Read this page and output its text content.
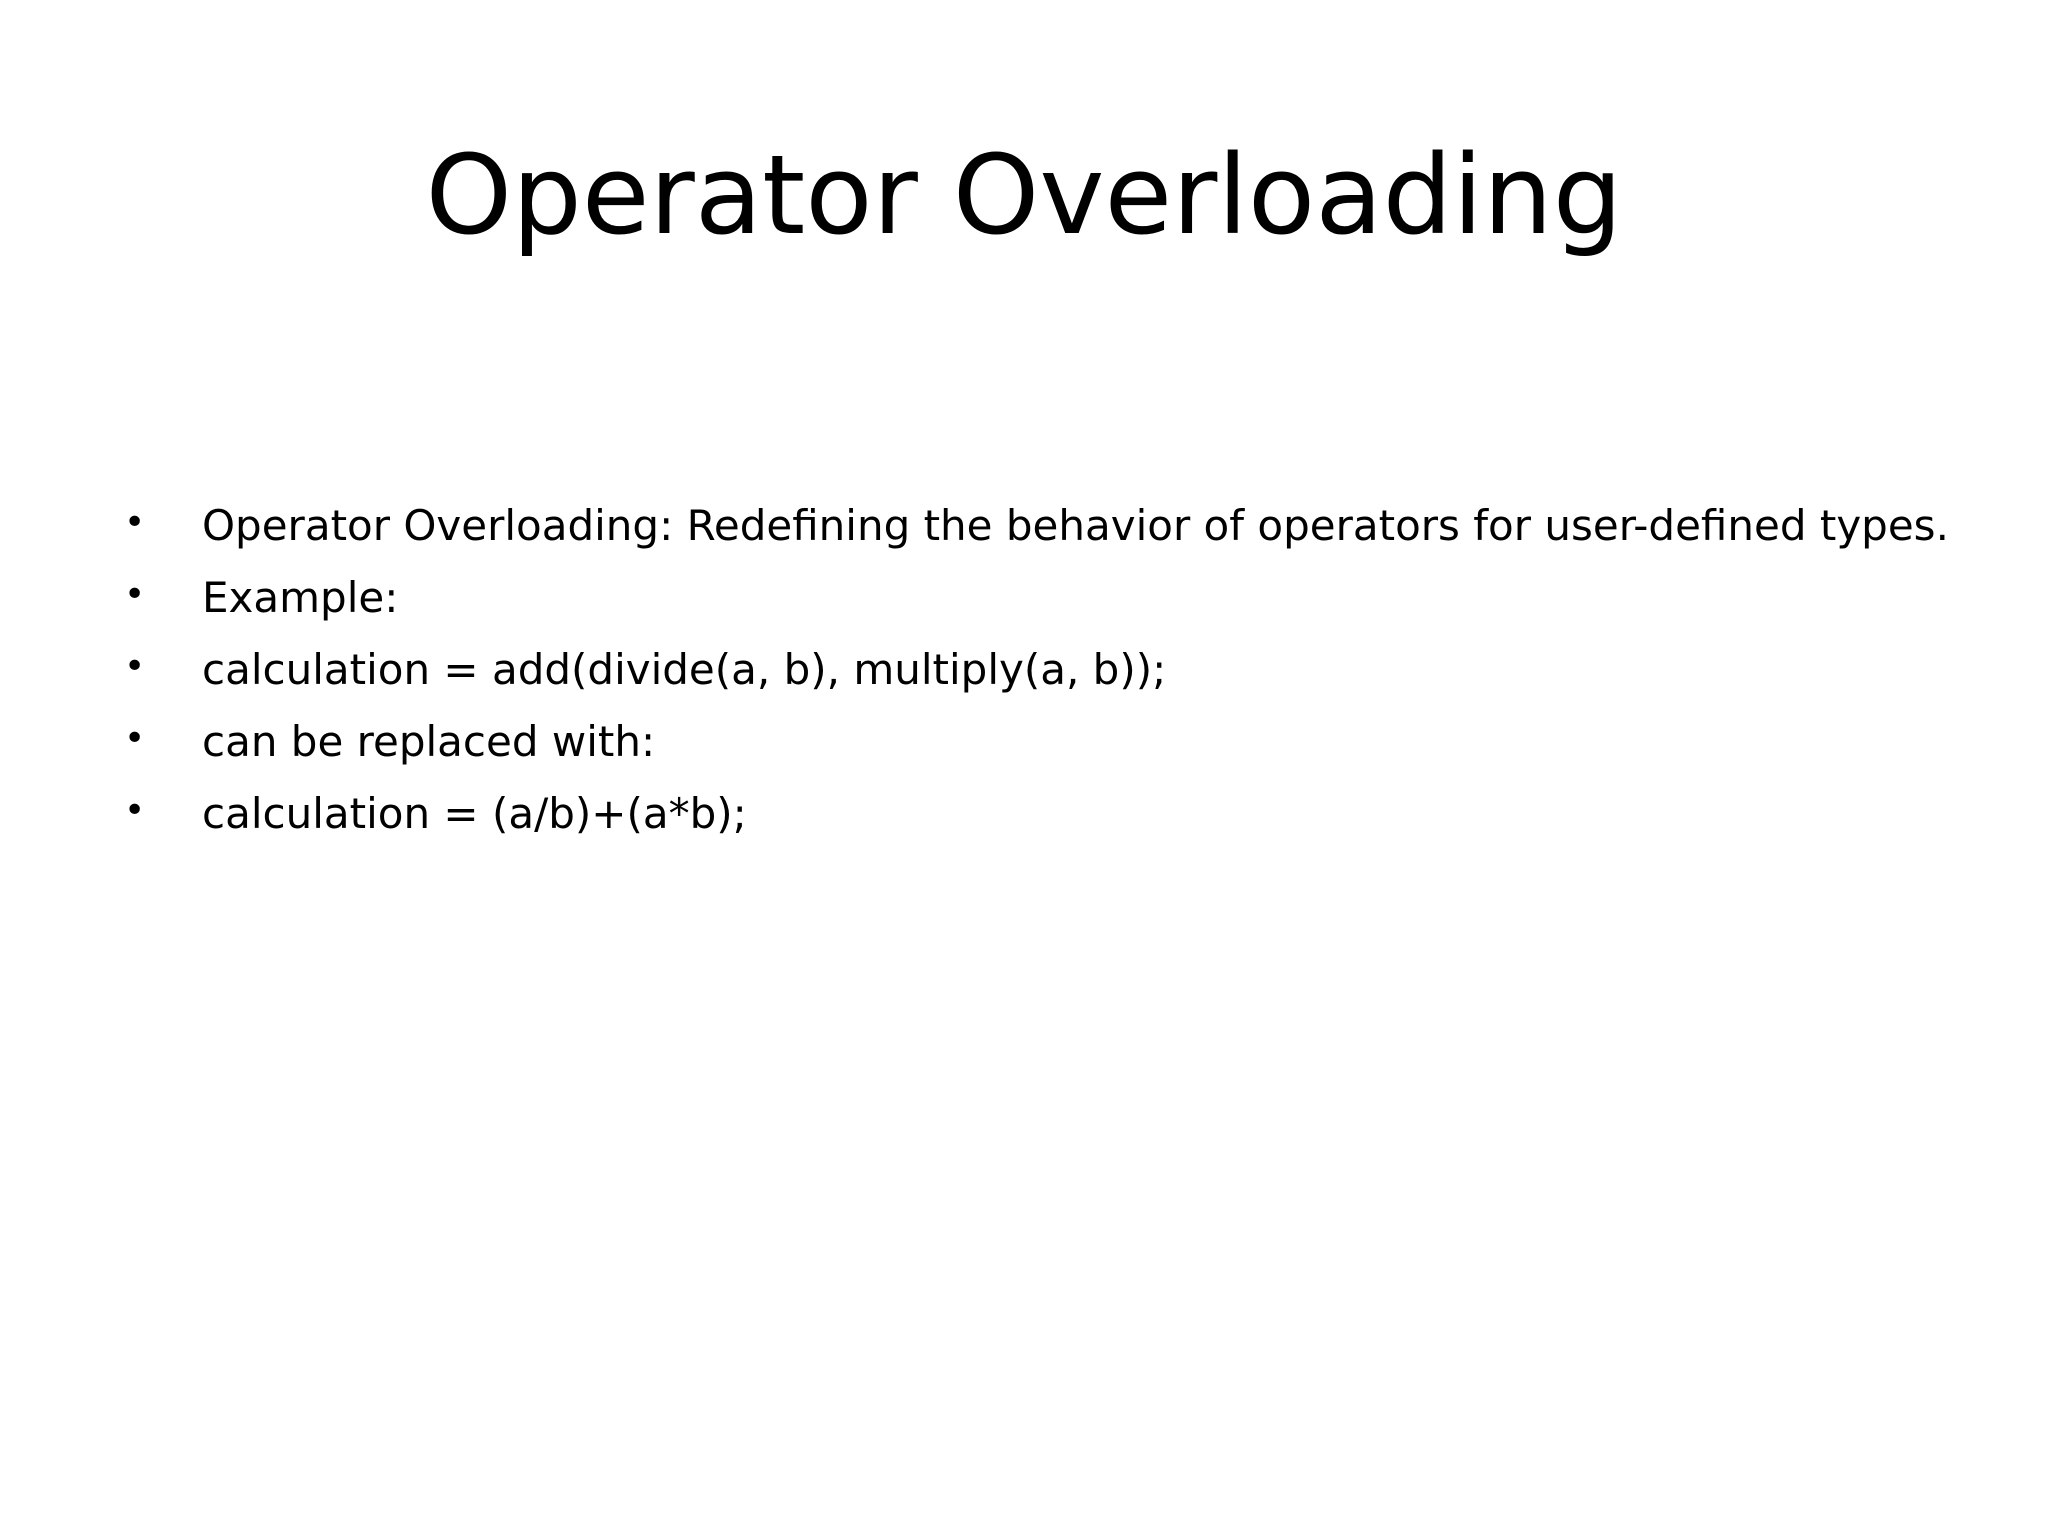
Operator Overloading
•	Operator Overloading: Redefining the behavior of operators for user-defined types.
•	Example:
•	calculation = add(divide(a, b), multiply(a, b));
•	can be replaced with:
•	calculation = (a/b)+(a*b);
